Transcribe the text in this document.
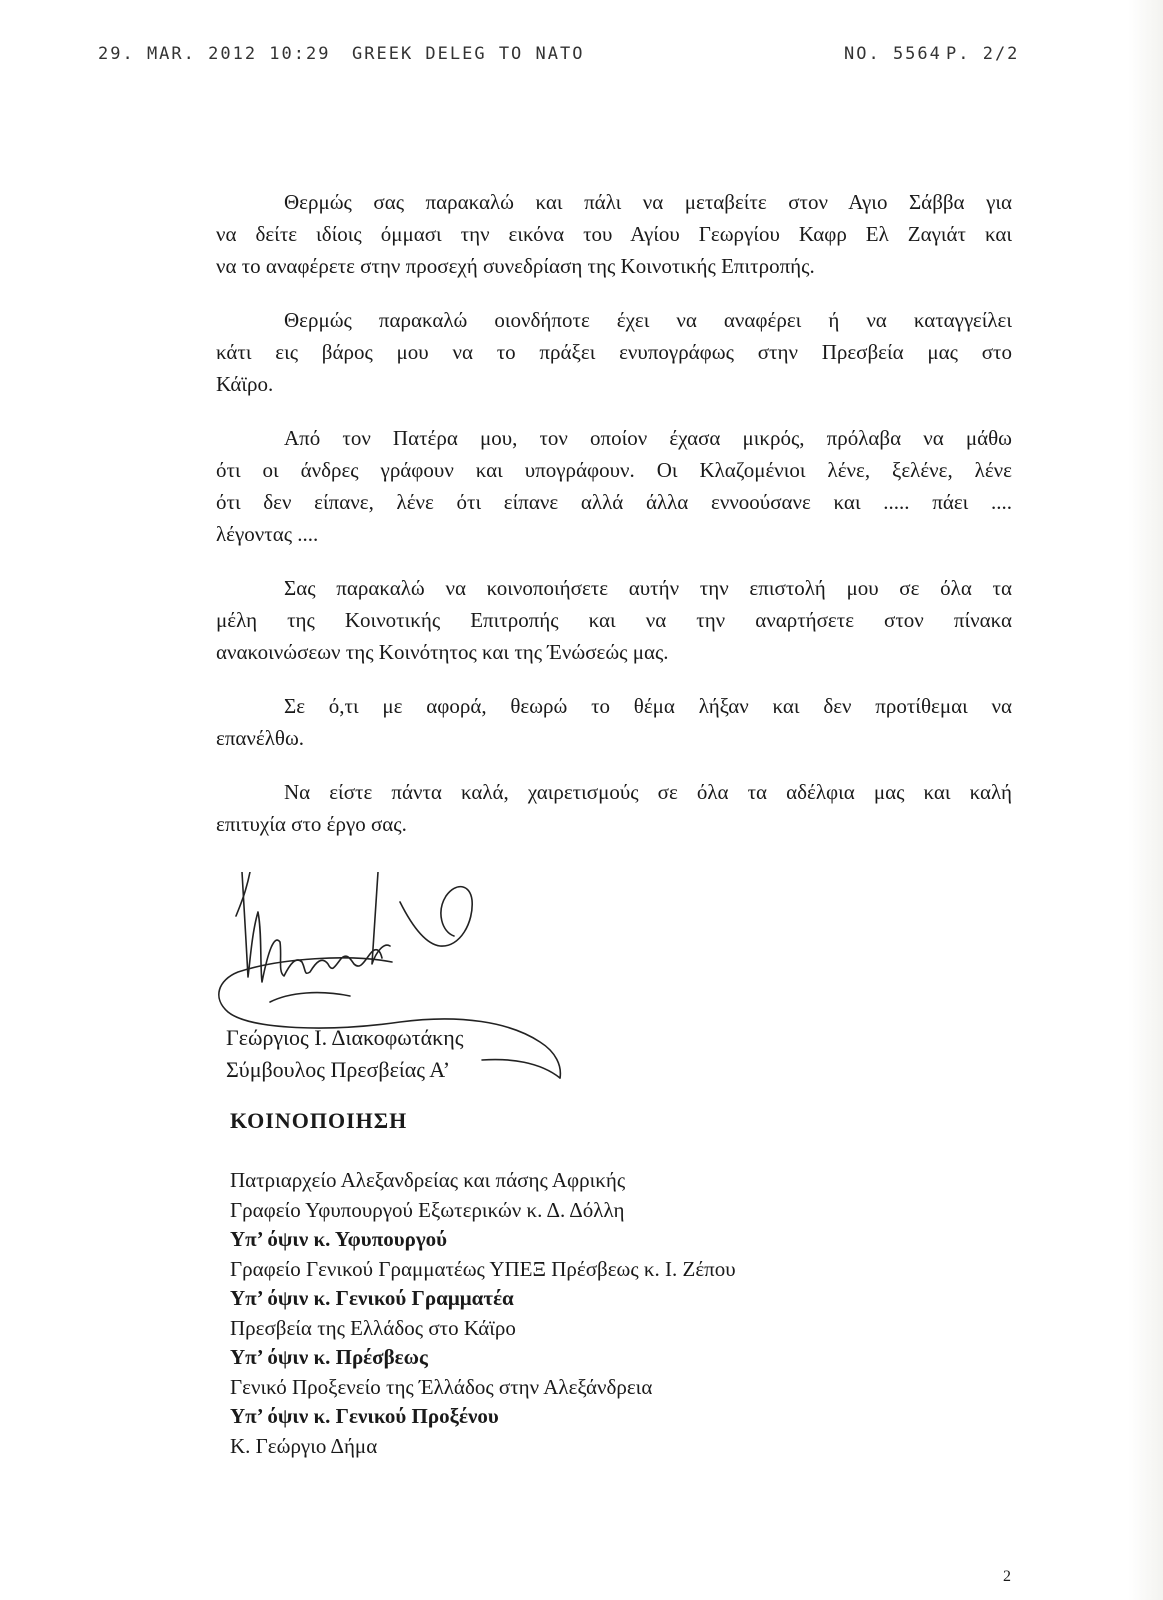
29. MAR. 2012 10:29 GREEK DELEG TO NATO	NO. 5564 P. 2/2

Θερμώς σας παρακαλώ και πάλι να μεταβείτε στον Αγιο Σάββα για
να δείτε ιδίοις όμμασι την εικόνα του Αγίου Γεωργίου Καφρ Ελ Ζαγιάτ και
να το αναφέρετε στην προσεχή συνεδρίαση της Κοινοτικής Επιτροπής.

Θερμώς παρακαλώ οιονδήποτε έχει να αναφέρει ή να καταγγείλει
κάτι εις βάρος μου να το πράξει ενυπογράφως στην Πρεσβεία μας στο
Κάϊρο.

Από τον Πατέρα μου, τον οποίον έχασα μικρός, πρόλαβα να μάθω
ότι οι άνδρες γράφουν και υπογράφουν. Οι Κλαζομένιοι λένε, ξελένε, λένε
ότι δεν είπανε, λένε ότι είπανε αλλά άλλα εννοούσανε και ..... πάει ....
λέγοντας ....

Σας παρακαλώ να κοινοποιήσετε αυτήν την επιστολή μου σε όλα τα
μέλη της Κοινοτικής Επιτροπής και να την αναρτήσετε στον πίνακα
ανακοινώσεων της Κοινότητος και της Ένώσεώς μας.

Σε ό,τι με αφορά, θεωρώ το θέμα λήξαν και δεν προτίθεμαι να
επανέλθω.

Να είστε πάντα καλά, χαιρετισμούς σε όλα τα αδέλφια μας και καλή
επιτυχία στο έργο σας.

Γεώργιος Ι. Διακοφωτάκης
Σύμβουλος Πρεσβείας Α’
ΚΟΙΝΟΠΟΙΗΣΗ
Πατριαρχείο Αλεξανδρείας και πάσης Αφρικής
Γραφείο Υφυπουργού Εξωτερικών κ. Δ. Δόλλη
Υπ’ όψιν κ. Υφυπουργού
Γραφείο Γενικού Γραμματέως ΥΠΕΞ Πρέσβεως κ. Ι. Ζέπου
Υπ’ όψιν κ. Γενικού Γραμματέα
Πρεσβεία της Ελλάδος στο Κάϊρο
Υπ’ όψιν κ. Πρέσβεως
Γενικό Προξενείο της Έλλάδος στην Αλεξάνδρεια
Υπ’ όψιν κ. Γενικού Προξένου
Κ. Γεώργιο Δήμα
2
